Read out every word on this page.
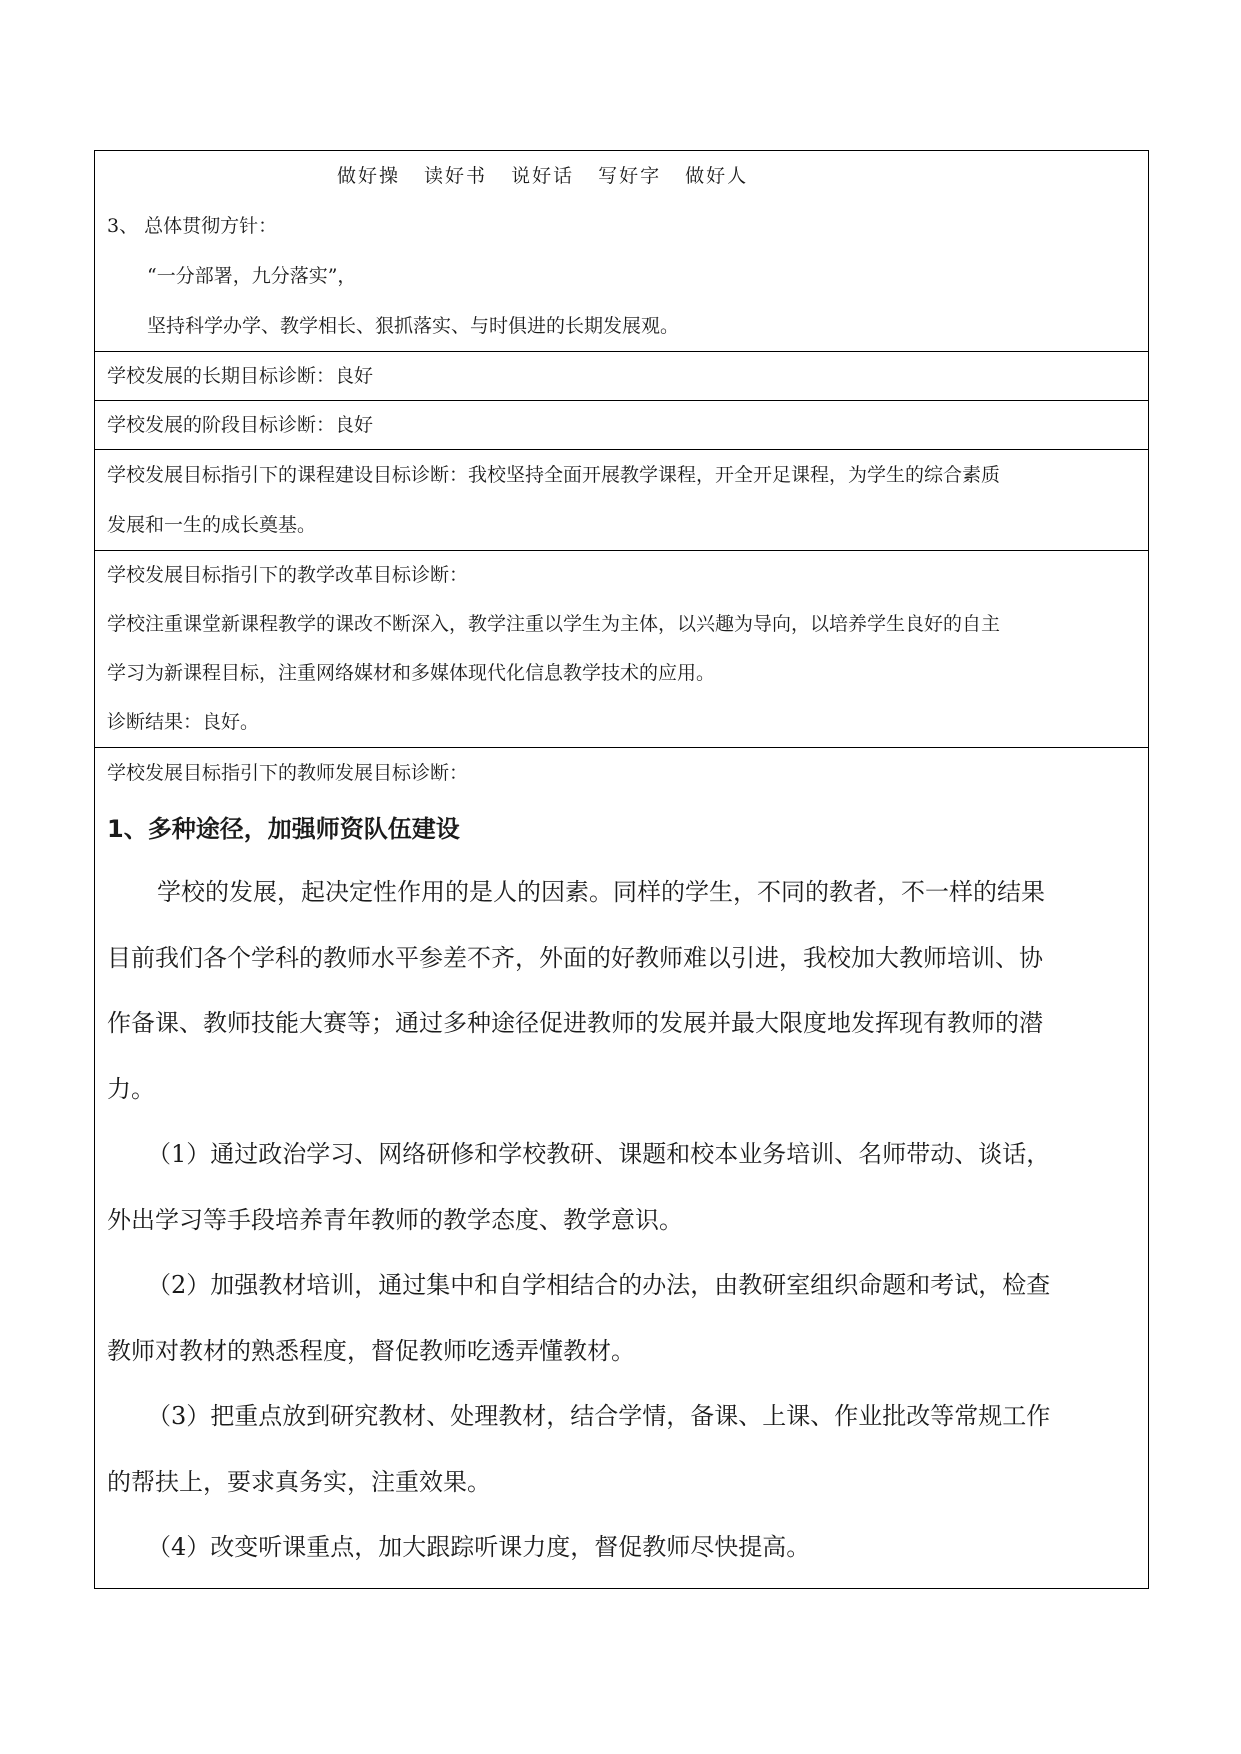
做好操 读好书 说好话 写好字 做好人
3、 总体贯彻方针：
“一分部署，九分落实”，
坚持科学办学、教学相长、狠抓落实、与时俱进的长期发展观。

学校发展的长期目标诊断：良好

学校发展的阶段目标诊断：良好

学校发展目标指引下的课程建设目标诊断：我校坚持全面开展教学课程，开全开足课程，为学生的综合素质
发展和一生的成长奠基。

学校发展目标指引下的教学改革目标诊断：
学校注重课堂新课程教学的课改不断深入，教学注重以学生为主体，以兴趣为导向，以培养学生良好的自主
学习为新课程目标，注重网络媒材和多媒体现代化信息教学技术的应用。
诊断结果：良好。

学校发展目标指引下的教师发展目标诊断：
1、多种途径，加强师资队伍建设
学校的发展，起决定性作用的是人的因素。同样的学生，不同的教者，不一样的结果
目前我们各个学科的教师水平参差不齐，外面的好教师难以引进，我校加大教师培训、协
作备课、教师技能大赛等；通过多种途径促进教师的发展并最大限度地发挥现有教师的潜
力。
（1）通过政治学习、网络研修和学校教研、课题和校本业务培训、名师带动、谈话，
外出学习等手段培养青年教师的教学态度、教学意识。
（2）加强教材培训，通过集中和自学相结合的办法，由教研室组织命题和考试，检查
教师对教材的熟悉程度，督促教师吃透弄懂教材。
（3）把重点放到研究教材、处理教材，结合学情，备课、上课、作业批改等常规工作
的帮扶上，要求真务实，注重效果。
（4）改变听课重点，加大跟踪听课力度，督促教师尽快提高。
